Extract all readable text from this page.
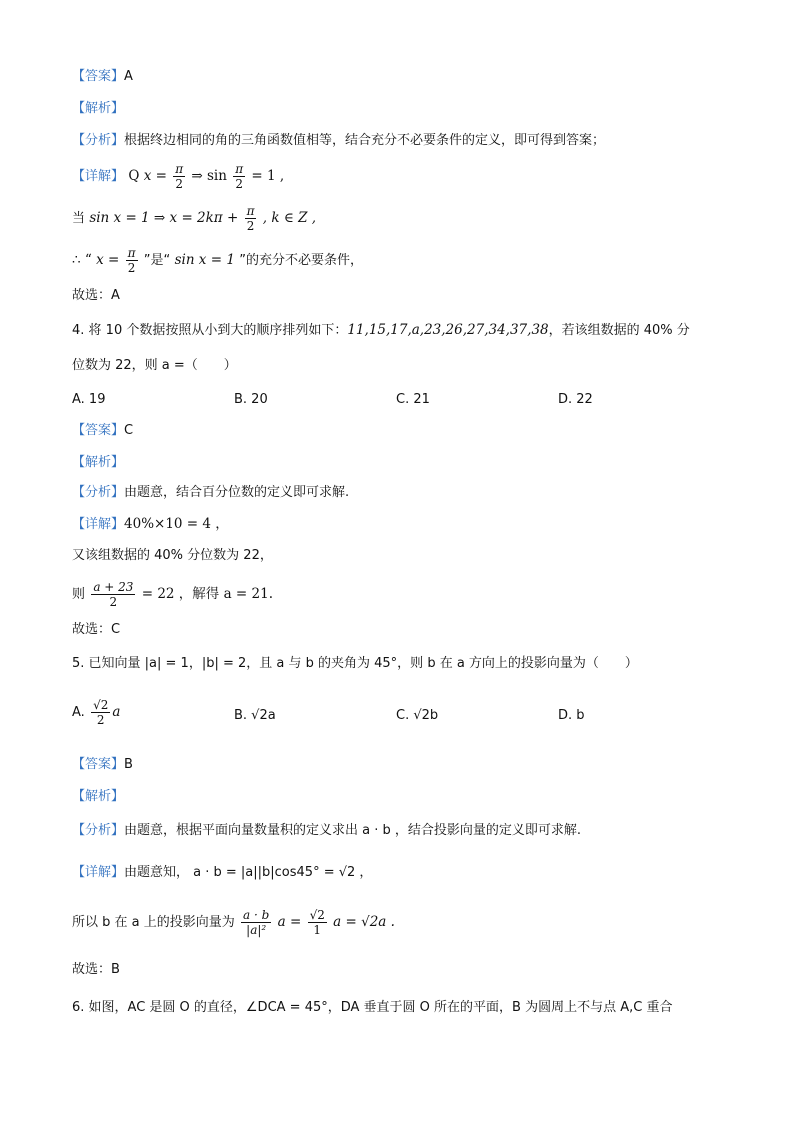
【答案】A
【解析】
【分析】根据终边相同的角的三角函数值相等，结合充分不必要条件的定义，即可得到答案；
【详解】 Q $x = \frac{\pi}{2}$ ⇒ $\sin \frac{\pi}{2} = 1$ ,
当 sin x = 1 ⇒ $x = 2k\pi + \frac{\pi}{2}$ , k ∈ Z ,
∴ “ $x = \frac{\pi}{2}$ ”是“ sin x = 1 ”的充分不必要条件，
故选：A
4. 将 10 个数据按照从小到大的顺序排列如下：11,15,17,a,23,26,27,34,37,38，若该组数据的 40% 分
位数为 22，则 a =（　　）
A. 19	B. 20	C. 21	D. 22
【答案】C
【解析】
【分析】由题意，结合百分位数的定义即可求解.
【详解】40%×10 = 4 ，
又该组数据的 40% 分位数为 22，
则 $\frac{a + 23}{2} = 22$ ，解得 a = 21.
故选：C
5. 已知向量 |a| = 1，|b| = 2，且 a 与 b 的夹角为 45°，则 b 在 a 方向上的投影向量为（　　）
A. $\frac{√2}{2}$ a	B. √2a	C. √2b	D. b
【答案】B
【解析】
【分析】由题意，根据平面向量数量积的定义求出 a · b ，结合投影向量的定义即可求解.
【详解】由题意知， a · b = |a||b|cos45° = √2 ，
所以 b 在 a 上的投影向量为 $\frac{a \cdot b}{\text{|a|²}}$ $a = \frac{√2}{1}$ a = √2a .
故选：B
6. 如图，AC 是圆 O 的直径，∠DCA = 45°，DA 垂直于圆 O 所在的平面，B 为圆周上不与点 A,C 重合
